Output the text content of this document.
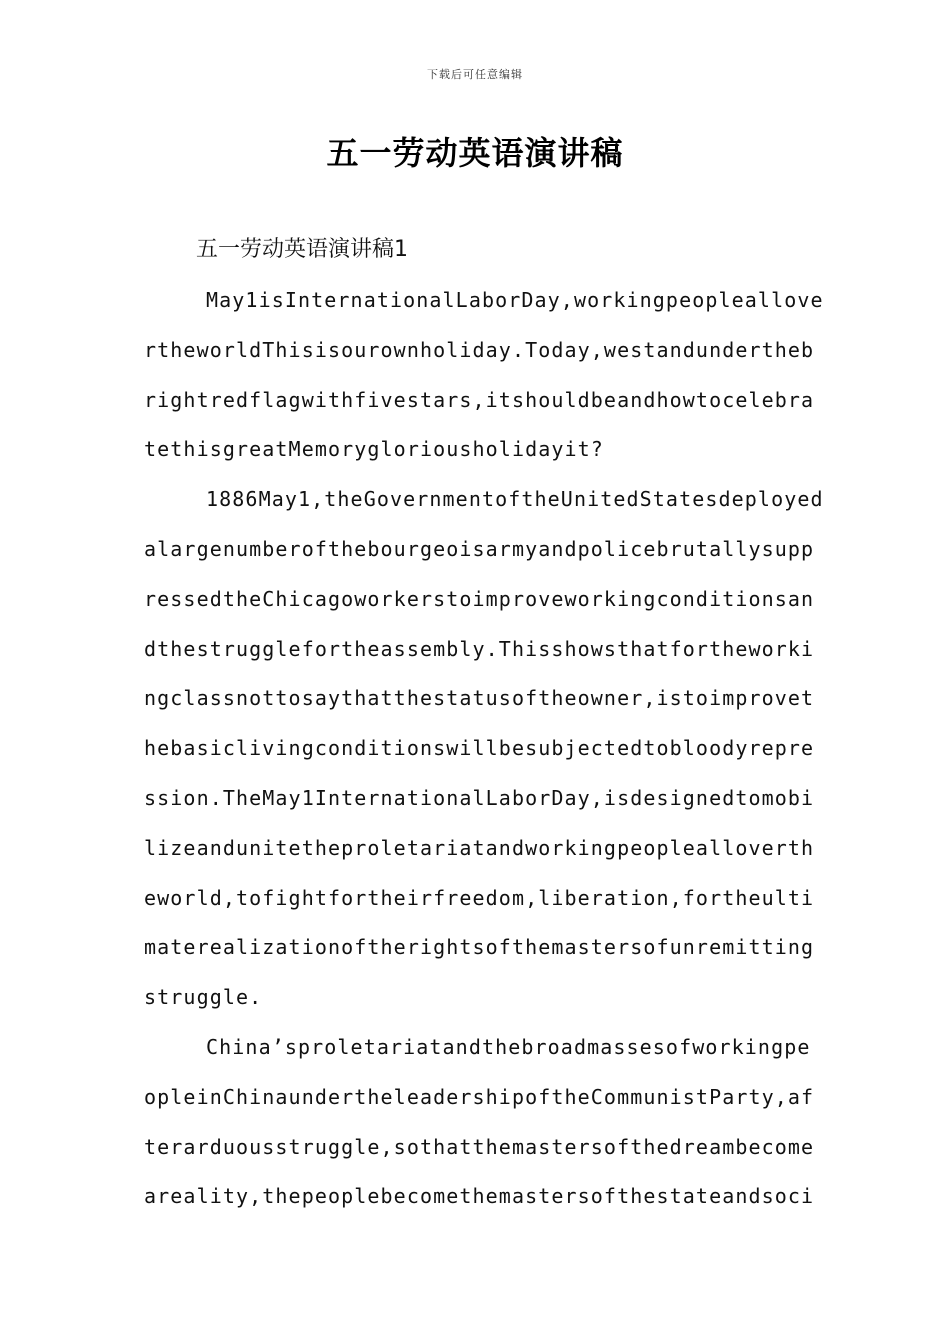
下载后可任意编辑
五一劳动英语演讲稿
五一劳动英语演讲稿1
May1isInternationalLaborDay,workingpeopleallove
rtheworldThisisourownholiday.Today,westandundertheb
rightredflagwithfivestars,itshouldbeandhowtocelebra
tethisgreatMemorygloriousholidayit?
1886May1,theGovernmentoftheUnitedStatesdeployed
alargenumberofthebourgeoisarmyandpolicebrutallysupp
ressedtheChicagoworkerstoimproveworkingconditionsan
dthestrugglefortheassembly.Thisshowsthatfortheworki
ngclassnottosaythatthestatusoftheowner,istoimprovet
hebasiclivingconditionswillbesubjectedtobloodyrepre
ssion.TheMay1InternationalLaborDay,isdesignedtomobi
lizeandunitetheproletariatandworkingpeoplealloverth
eworld,tofightfortheirfreedom,liberation,fortheulti
materealizationoftherightsofthemastersofunremitting
struggle.
China’sproletariatandthebroadmassesofworkingpe
opleinChinaundertheleadershipoftheCommunistParty,af
terarduousstruggle,sothatthemastersofthedreambecome
areality,thepeoplebecomethemastersofthestateandsoci
